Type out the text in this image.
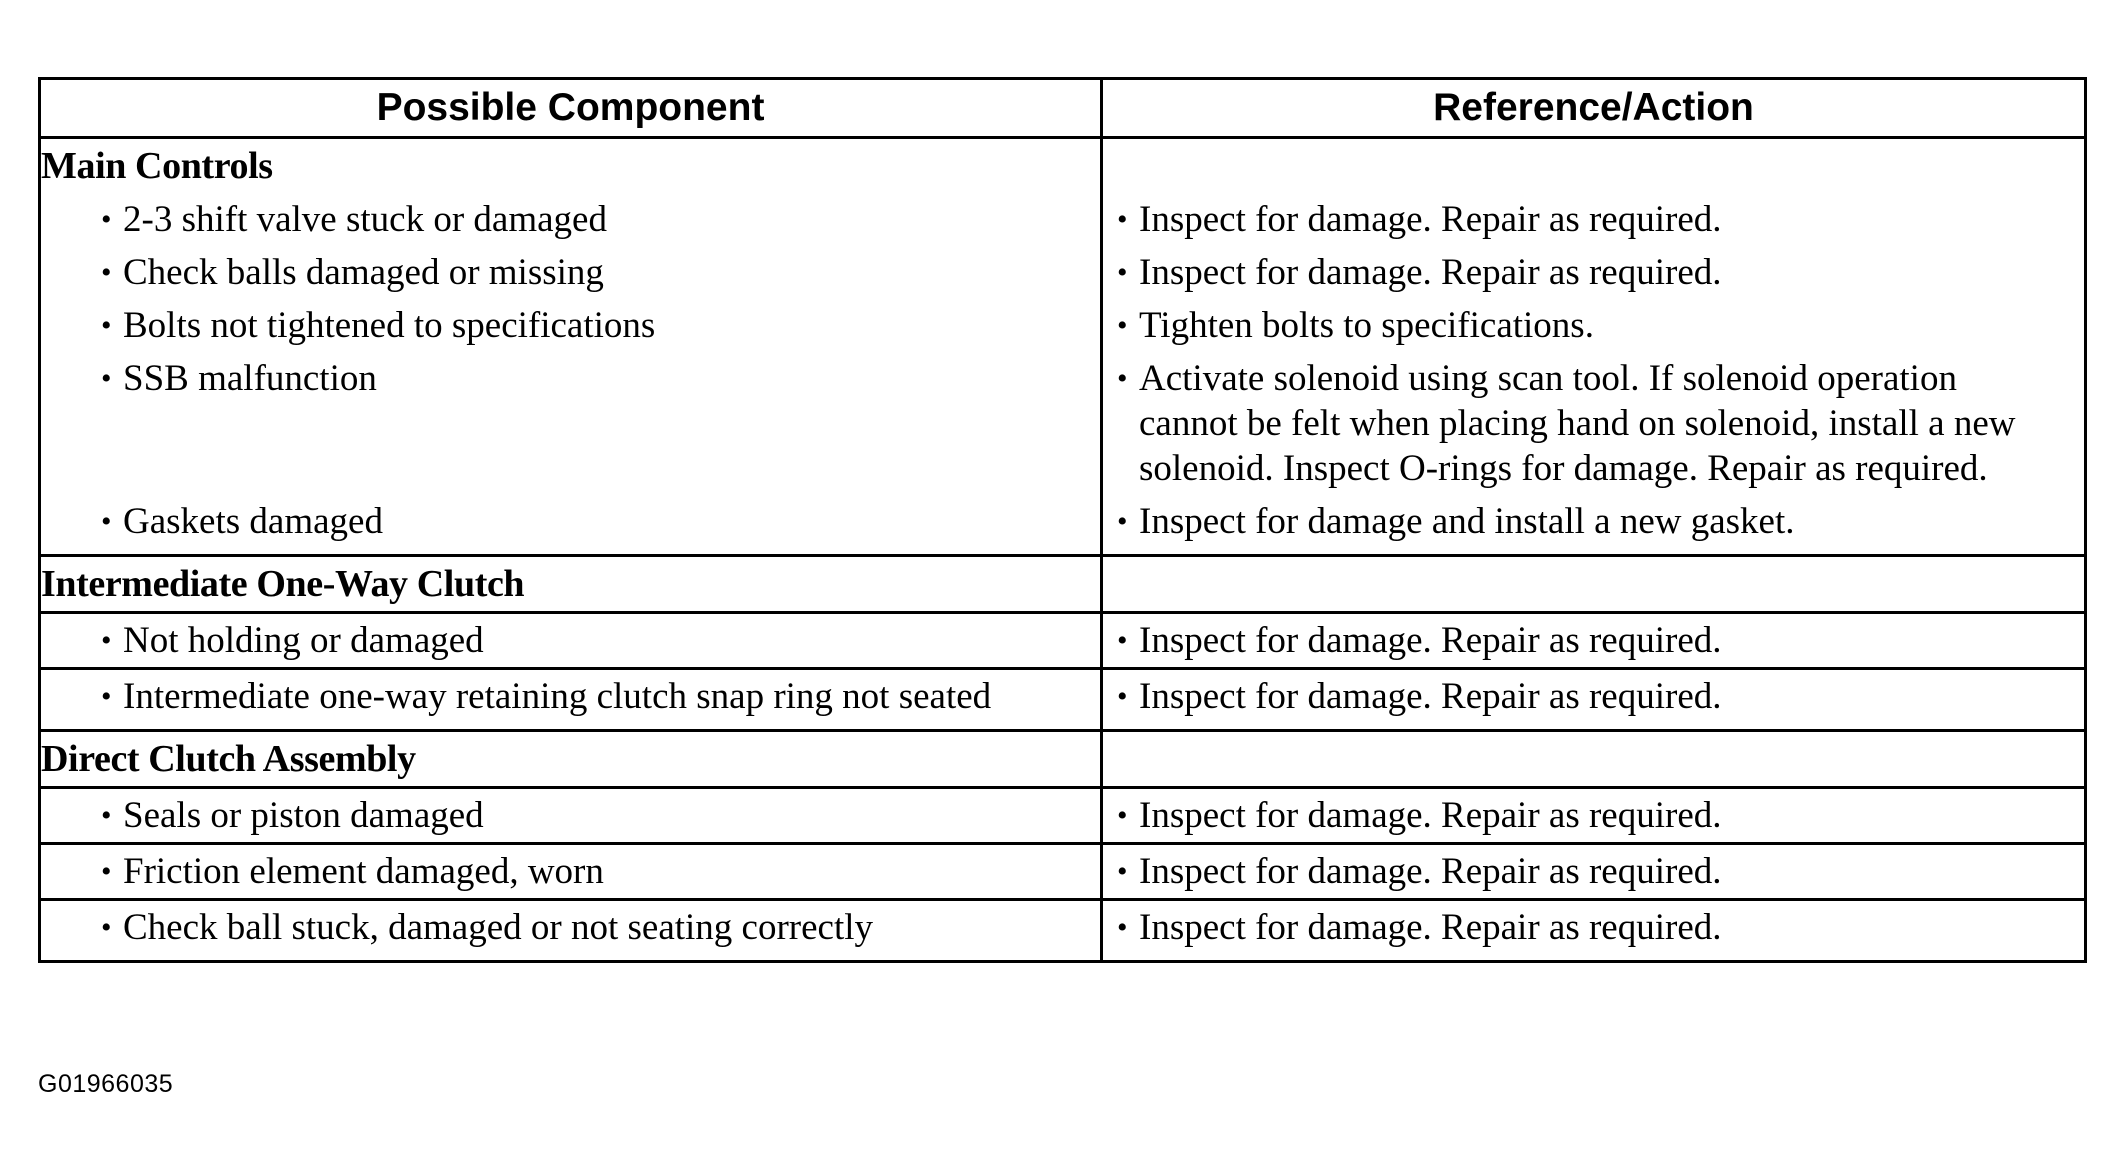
Possible Component	Reference/Action
Main Controls	

• 2-3 shift valve stuck or damaged	• Inspect for damage. Repair as required.

• Check balls damaged or missing	• Inspect for damage. Repair as required.

• Bolts not tightened to specifications	• Tighten bolts to specifications.

• SSB malfunction	• Activate solenoid using scan tool. If solenoid operation cannot be felt when placing hand on solenoid, install a new solenoid. Inspect O-rings for damage. Repair as required.

• Gaskets damaged	• Inspect for damage and install a new gasket.

Intermediate One-Way Clutch	

• Not holding or damaged	• Inspect for damage. Repair as required.

• Intermediate one-way retaining clutch snap ring not seated	• Inspect for damage. Repair as required.

Direct Clutch Assembly	

• Seals or piston damaged	• Inspect for damage. Repair as required.

• Friction element damaged, worn	• Inspect for damage. Repair as required.

• Check ball stuck, damaged or not seating correctly	• Inspect for damage. Repair as required.
G01966035
